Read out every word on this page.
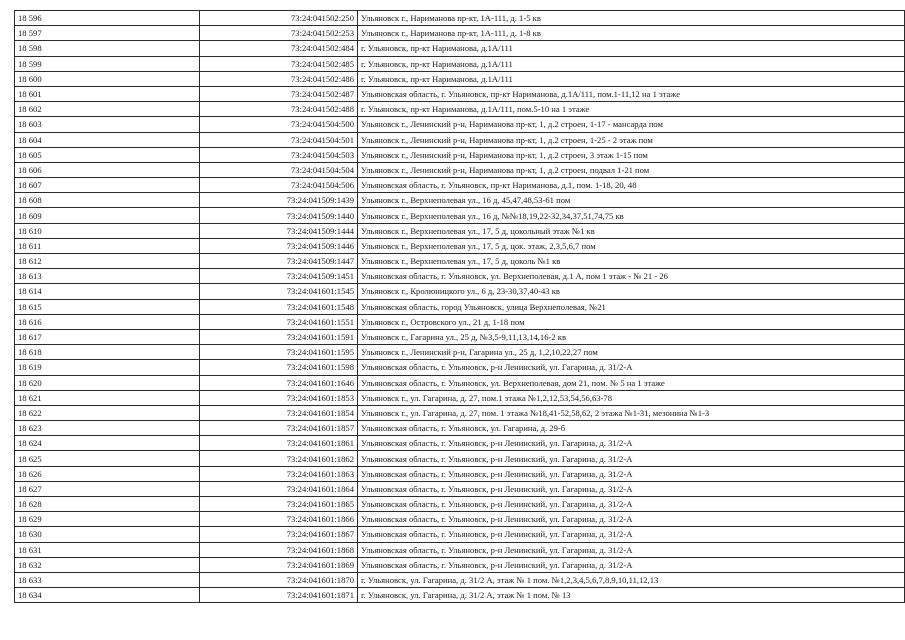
18 596	73:24:041502:250	Ульяновск г., Нариманова пр-кт, 1А-111, д. 1-5 кв
18 597	73:24:041502:253	Ульяновск г., Нариманова пр-кт, 1А-111, д. 1-8 кв
18 598	73:24:041502:484	г. Ульяновск, пр-кт Нариманова, д.1А/111
18 599	73:24:041502:485	г. Ульяновск, пр-кт Нариманова, д.1А/111
18 600	73:24:041502:486	г. Ульяновск, пр-кт Нариманова, д.1А/111
18 601	73:24:041502:487	Ульяновская область, г. Ульяновск, пр-кт Нариманова, д.1А/111, пом.1-11,12 на 1 этаже
18 602	73:24:041502:488	г. Ульяновск, пр-кт Нариманова, д.1А/111, пом.5-10 на 1 этаже
18 603	73:24:041504:500	Ульяновск г., Ленинский р-н, Нариманова пр-кт, 1, д.2 строен, 1-17 - мансарда пом
18 604	73:24:041504:501	Ульяновск г., Ленинский р-н, Нариманова пр-кт, 1, д.2 строен, 1-25 - 2 этаж пом
18 605	73:24:041504:503	Ульяновск г., Ленинский р-н, Нариманова пр-кт, 1, д.2 строен, 3 этаж 1-15 пом
18 606	73:24:041504:504	Ульяновск г., Ленинский р-н, Нариманова пр-кт, 1, д.2 строен, подвал 1-21 пом
18 607	73:24:041504:506	Ульяновская область, г. Ульяновск, пр-кт Нариманова, д.1, пом. 1-18, 20, 48
18 608	73:24:041509:1439	Ульяновск г., Верхнеполевая ул., 16 д, 45,47,48,53-61 пом
18 609	73:24:041509:1440	Ульяновск г., Верхнеполевая ул., 16 д, №№18,19,22-32,34,37,51,74,75 кв
18 610	73:24:041509:1444	Ульяновск г., Верхнеполевая ул., 17, 5 д, цокольный этаж №1 кв
18 611	73:24:041509:1446	Ульяновск г., Верхнеполевая ул., 17, 5 д, цок. этаж, 2,3,5,6,7 пом
18 612	73:24:041509:1447	Ульяновск г., Верхнеполевая ул., 17, 5 д, цоколь №1 кв
18 613	73:24:041509:1451	Ульяновская область, г. Ульяновск, ул. Верхнеполевая, д.1 А, пом 1 этаж - № 21 - 26
18 614	73:24:041601:1545	Ульяновск г., Кролюницкого ул., 6 д, 23-30,37,40-43 кв
18 615	73:24:041601:1548	Ульяновская область, город Ульяновск, улица Верхнеполевая, №21
18 616	73:24:041601:1551	Ульяновск г., Островского ул., 21 д, 1-18 пом
18 617	73:24:041601:1591	Ульяновск г., Гагарина ул., 25 д, №3,5-9,11,13,14,16-2 кв
18 618	73:24:041601:1595	Ульяновск г., Ленинский р-н, Гагарина ул., 25 д, 1,2,10,22,27 пом
18 619	73:24:041601:1598	Ульяновская область, г. Ульяновск, р-н Ленинский, ул. Гагарина, д. 31/2-А
18 620	73:24:041601:1646	Ульяновская область, г. Ульяновск, ул. Верхнеполевая, дом 21, пом. № 5 на 1 этаже
18 621	73:24:041601:1853	Ульяновск г., ул. Гагарина, д. 27, пом.1 этажа №1,2,12,53,54,56,63-78
18 622	73:24:041601:1854	Ульяновск г., ул. Гагарина, д. 27, пом. 1 этажа №18,41-52,58,62, 2 этажа №1-31, мезонина №1-3
18 623	73:24:041601:1857	Ульяновская область, г. Ульяновск, ул. Гагарина, д. 29-б
18 624	73:24:041601:1861	Ульяновская область, г. Ульяновск, р-н Ленинский, ул. Гагарина, д. 31/2-А
18 625	73:24:041601:1862	Ульяновская область, г. Ульяновск, р-н Ленинский, ул. Гагарина, д. 31/2-А
18 626	73:24:041601:1863	Ульяновская область, г. Ульяновск, р-н Ленинский, ул. Гагарина, д. 31/2-А
18 627	73:24:041601:1864	Ульяновская область, г. Ульяновск, р-н Ленинский, ул. Гагарина, д. 31/2-А
18 628	73:24:041601:1865	Ульяновская область, г. Ульяновск, р-н Ленинский, ул. Гагарина, д. 31/2-А
18 629	73:24:041601:1866	Ульяновская область, г. Ульяновск, р-н Ленинский, ул. Гагарина, д. 31/2-А
18 630	73:24:041601:1867	Ульяновская область, г. Ульяновск, р-н Ленинский, ул. Гагарина, д. 31/2-А
18 631	73:24:041601:1868	Ульяновская область, г. Ульяновск, р-н Ленинский, ул. Гагарина, д. 31/2-А
18 632	73:24:041601:1869	Ульяновская область, г. Ульяновск, р-н Ленинский, ул. Гагарина, д. 31/2-А
18 633	73:24:041601:1870	г. Ульяновск, ул. Гагарина, д. 31/2 А, этаж № 1 пом. №1,2,3,4,5,6,7,8,9,10,11,12,13
18 634	73:24:041601:1871	г. Ульяновск, ул. Гагарина, д. 31/2 А, этаж № 1 пом. № 13
